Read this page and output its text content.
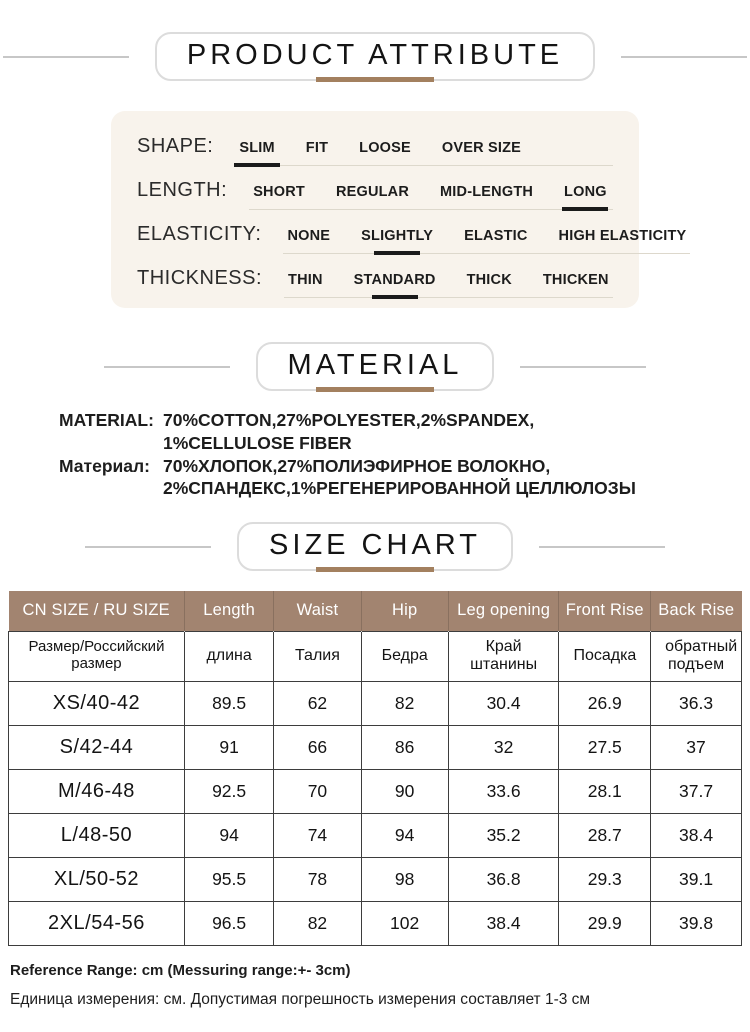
PRODUCT ATTRIBUTE
SHAPE: SLIM FIT LOOSE OVER SIZE
LENGTH: SHORT REGULAR MID-LENGTH LONG
ELASTICITY: NONE SLIGHTLY ELASTIC HIGH ELASTICITY
THICKNESS: THIN STANDARD THICK THICKEN
MATERIAL
MATERIAL: 70%COTTON,27%POLYESTER,2%SPANDEX,
1%CELLULOSE FIBER
Материал: 70%ХЛОПОК,27%ПОЛИЭФИРНОЕ ВОЛОКНО,
2%СПАНДЕКС,1%РЕГЕНЕРИРОВАННОЙ ЦЕЛЛЮЛОЗЫ
SIZE CHART
CN SIZE / RU SIZE	Length	Waist	Hip	Leg opening	Front Rise	Back Rise
Размер/Российский размер	длина	Талия	Бедра	Край штанины	Посадка	обратный подъем
XS/40-42	89.5	62	82	30.4	26.9	36.3
S/42-44	91	66	86	32	27.5	37
M/46-48	92.5	70	90	33.6	28.1	37.7
L/48-50	94	74	94	35.2	28.7	38.4
XL/50-52	95.5	78	98	36.8	29.3	39.1
2XL/54-56	96.5	82	102	38.4	29.9	39.8
Reference Range: cm (Messuring range:+- 3cm)
Единица измерения: см. Допустимая погрешность измерения составляет 1-3 см
